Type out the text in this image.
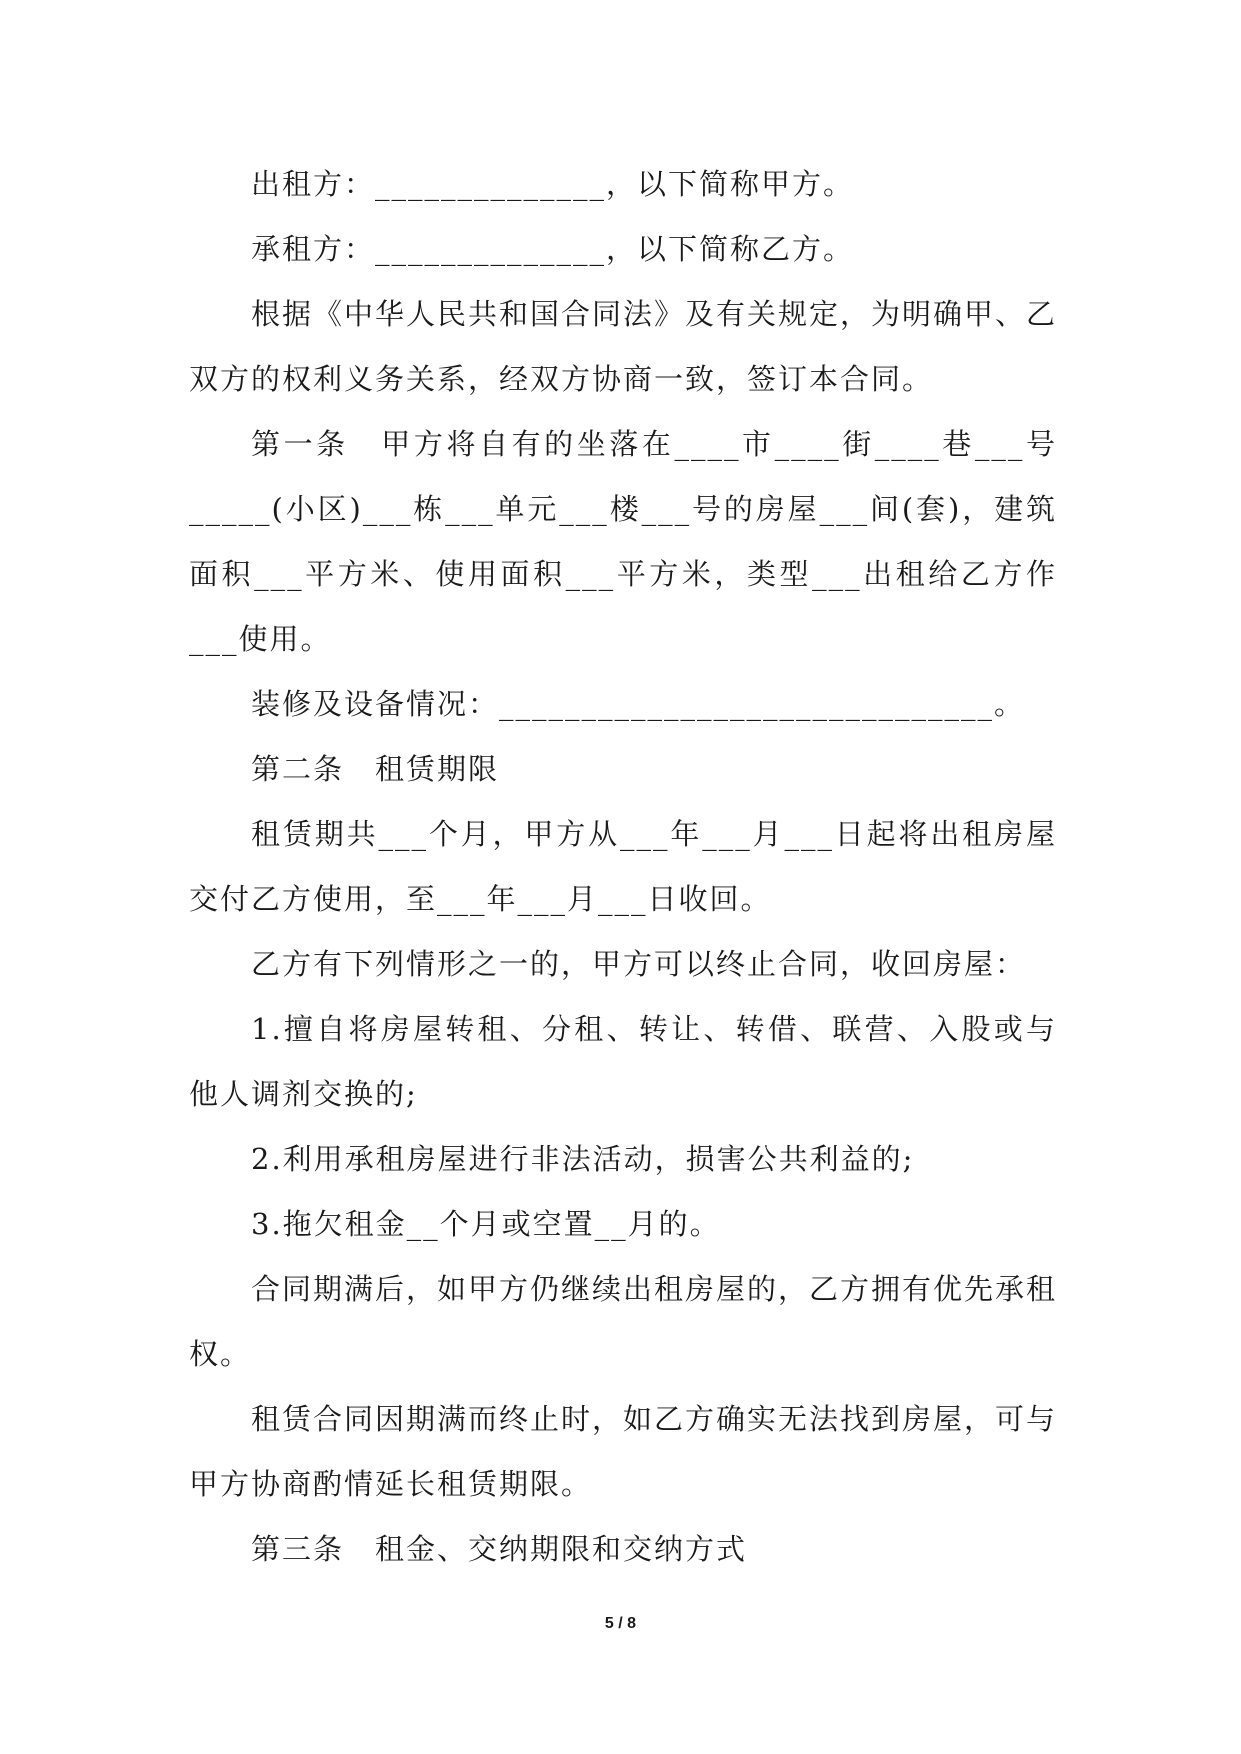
出租方：______________，以下简称甲方。

承租方：______________，以下简称乙方。

根据《中华人民共和国合同法》及有关规定，为明确甲、乙双方的权利义务关系，经双方协商一致，签订本合同。

第一条　甲方将自有的坐落在____市____街____巷___号_____(小区)___栋___单元___楼___号的房屋___间(套)，建筑面积___平方米、使用面积___平方米，类型___出租给乙方作___使用。

装修及设备情况：______________________________。

第二条　租赁期限

租赁期共___个月，甲方从___年___月___日起将出租房屋交付乙方使用，至___年___月___日收回。

乙方有下列情形之一的，甲方可以终止合同，收回房屋：

1.擅自将房屋转租、分租、转让、转借、联营、入股或与他人调剂交换的;

2.利用承租房屋进行非法活动，损害公共利益的;

3.拖欠租金__个月或空置__月的。

合同期满后，如甲方仍继续出租房屋的，乙方拥有优先承租权。

租赁合同因期满而终止时，如乙方确实无法找到房屋，可与甲方协商酌情延长租赁期限。

第三条　租金、交纳期限和交纳方式

5 / 8
